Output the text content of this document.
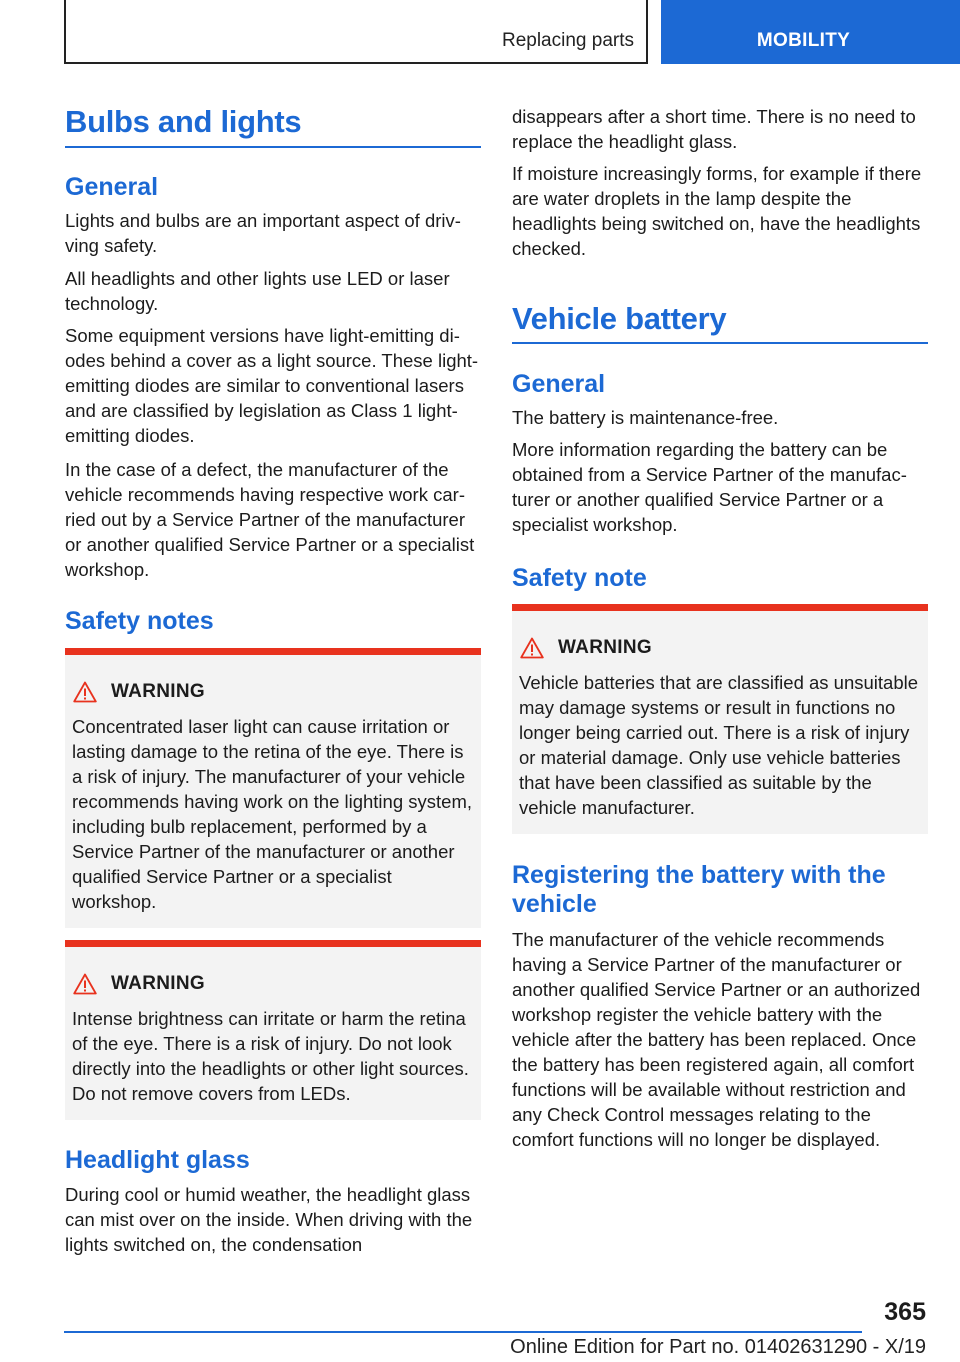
Replacing parts	MOBILITY
Bulbs and lights
General

Lights and bulbs are an important aspect of drivving safety.

All headlights and other lights use LED or laser technology.

Some equipment versions have light-emitting diodes behind a cover as a light source. These light-emitting diodes are similar to conventional lasers and are classified by legislation as Class 1 light-emitting diodes.

In the case of a defect, the manufacturer of the vehicle recommends having respective work carried out by a Service Partner of the manufacturer or another qualified Service Partner or a specialist workshop.

Safety notes
WARNING

Concentrated laser light can cause irritation or lasting damage to the retina of the eye. There is a risk of injury. The manufacturer of your vehicle recommends having work on the lighting system, including bulb replacement, performed by a Service Partner of the manufacturer or another qualified Service Partner or a specialist workshop.

WARNING

Intense brightness can irritate or harm the retina of the eye. There is a risk of injury. Do not look directly into the headlights or other light sources. Do not remove covers from LEDs.

Headlight glass

During cool or humid weather, the headlight glass can mist over on the inside. When driving with the lights switched on, the condensation

disappears after a short time. There is no need to replace the headlight glass.

If moisture increasingly forms, for example if there are water droplets in the lamp despite the headlights being switched on, have the headlights checked.

Vehicle battery
General

The battery is maintenance-free.

More information regarding the battery can be obtained from a Service Partner of the manufacturer or another qualified Service Partner or a specialist workshop.

Safety note
WARNING

Vehicle batteries that are classified as unsuitable may damage systems or result in functions no longer being carried out. There is a risk of injury or material damage. Only use vehicle batteries that have been classified as suitable by the vehicle manufacturer.

Registering the battery with the vehicle

The manufacturer of the vehicle recommends having a Service Partner of the manufacturer or another qualified Service Partner or an authorized workshop register the vehicle battery with the vehicle after the battery has been replaced. Once the battery has been registered again, all comfort functions will be available without restriction and any Check Control messages relating to the comfort functions will no longer be displayed.

365
Online Edition for Part no. 01402631290 - X/19
